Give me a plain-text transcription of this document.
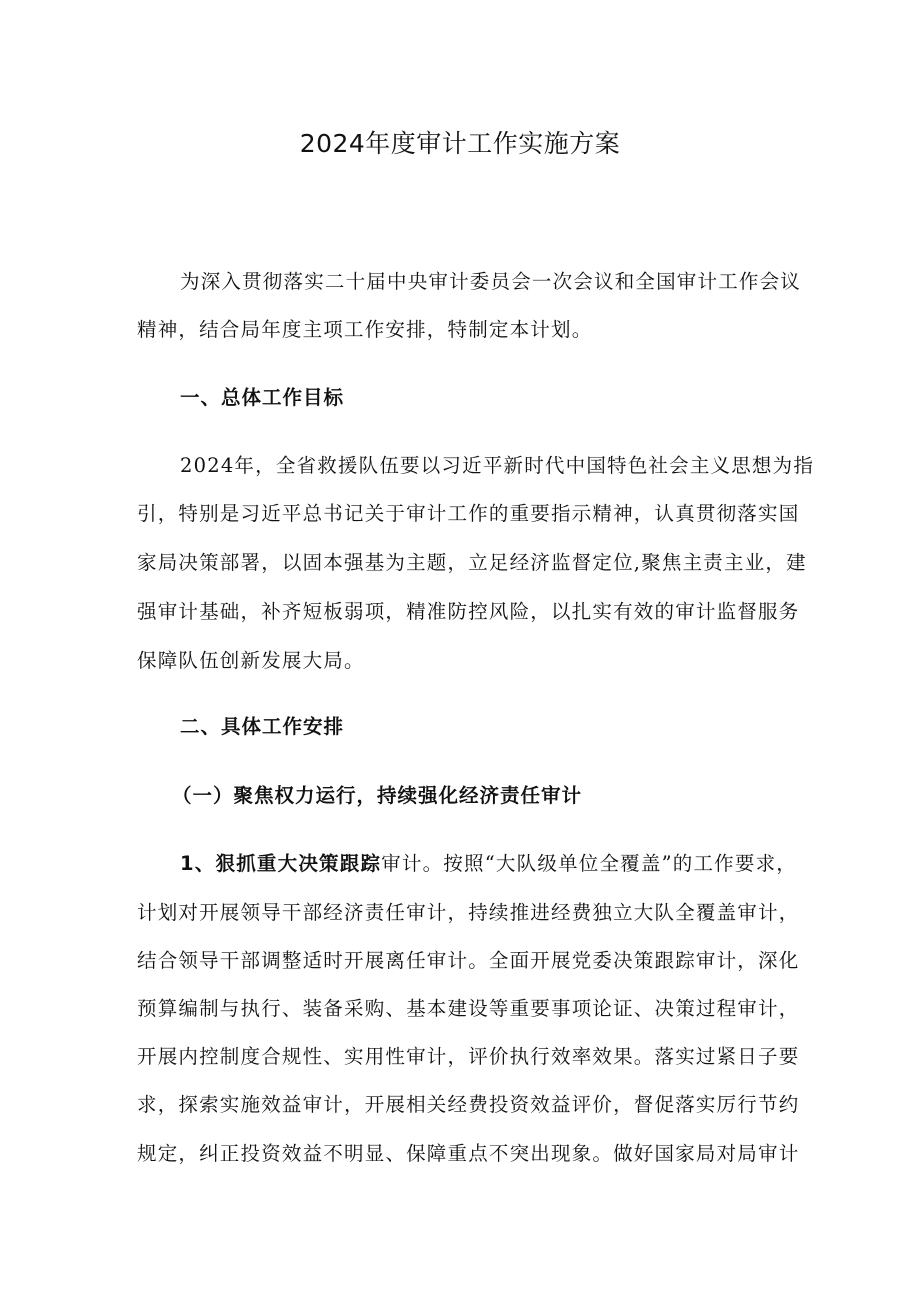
2024年度审计工作实施方案

为深入贯彻落实二十届中央审计委员会一次会议和全国审计工作会议

精神，结合局年度主项工作安排，特制定本计划。

一、总体工作目标

2024年，全省救援队伍要以习近平新时代中国特色社会主义思想为指

引，特别是习近平总书记关于审计工作的重要指示精神，认真贯彻落实国

家局决策部署，以固本强基为主题，立足经济监督定位,聚焦主责主业，建

强审计基础，补齐短板弱项，精准防控风险，以扎实有效的审计监督服务

保障队伍创新发展大局。

二、具体工作安排

（一）聚焦权力运行，持续强化经济责任审计

1、狠抓重大决策跟踪审计。按照“大队级单位全覆盖”的工作要求，

计划对开展领导干部经济责任审计，持续推进经费独立大队全覆盖审计，

结合领导干部调整适时开展离任审计。全面开展党委决策跟踪审计，深化

预算编制与执行、装备采购、基本建设等重要事项论证、决策过程审计，

开展内控制度合规性、实用性审计，评价执行效率效果。落实过紧日子要

求，探索实施效益审计，开展相关经费投资效益评价，督促落实厉行节约

规定，纠正投资效益不明显、保障重点不突出现象。做好国家局对局审计
